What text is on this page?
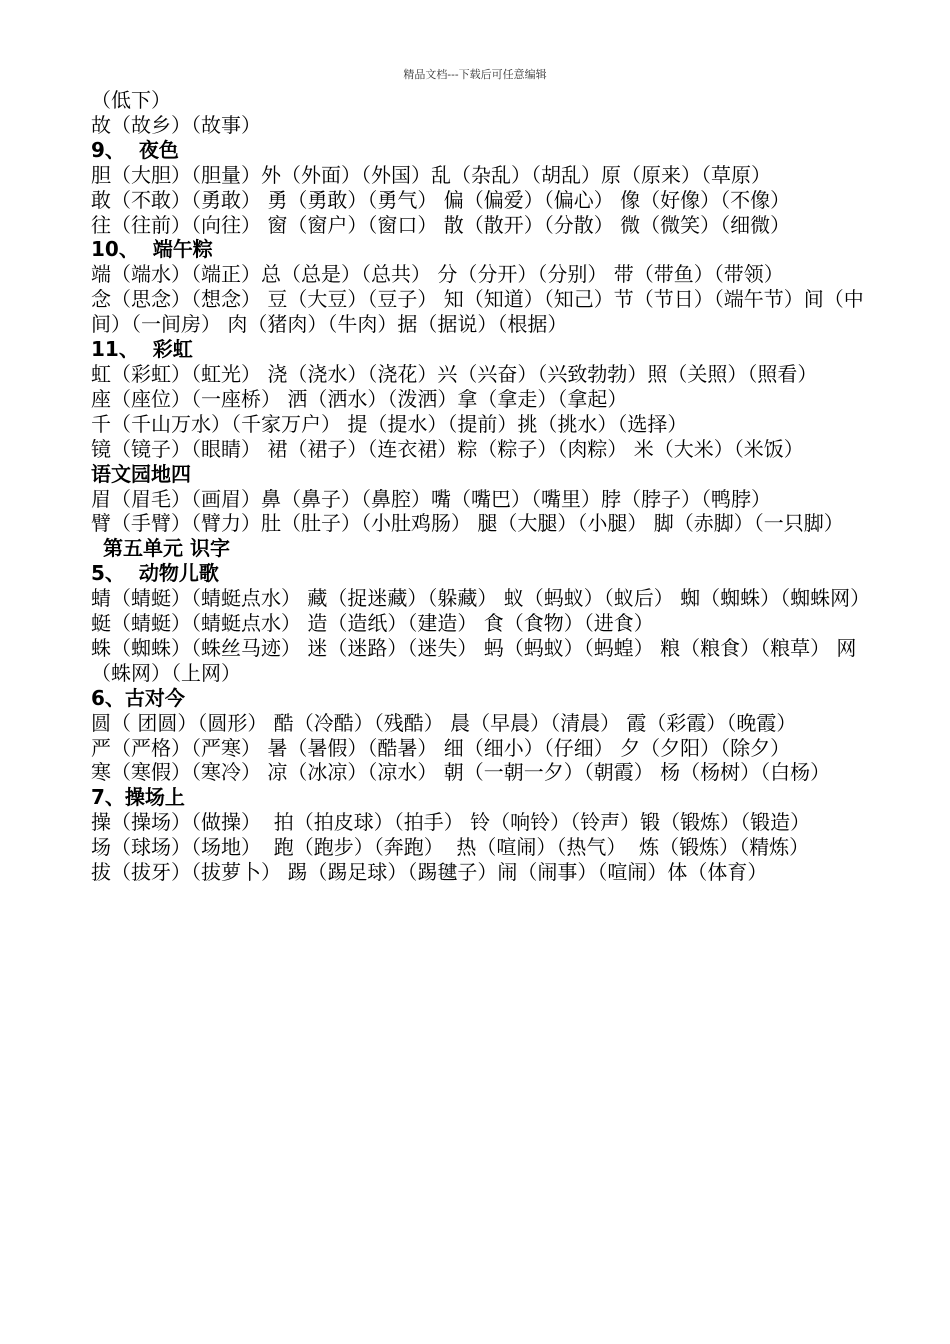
精品文档---下载后可任意编辑

（低下）

故（故乡）（故事）

9、  夜色

胆（大胆）（胆量）外（外面）（外国）乱（杂乱）（胡乱）原（原来）（草原）

敢（不敢）（勇敢） 勇（勇敢）（勇气） 偏（偏爱）（偏心） 像（好像）（不像）

往（往前）（向往） 窗（窗户）（窗口） 散（散开）（分散） 微（微笑）（细微）

10、  端午粽

端（端水）（端正）总（总是）（总共） 分（分开）（分别） 带（带鱼）（带领）

念（思念）（想念） 豆（大豆）（豆子） 知（知道）（知己）节（节日）（端午节）间（中间）（一间房） 肉（猪肉）（牛肉）据（据说）（根据）

11、  彩虹

虹（彩虹）（虹光） 浇（浇水）（浇花）兴（兴奋）（兴致勃勃）照（关照）（照看）

座（座位）（一座桥） 洒（洒水）（泼洒）拿（拿走）（拿起）

千（千山万水）（千家万户） 提（提水）（提前）挑（挑水）（选择）

镜（镜子）（眼睛） 裙（裙子）（连衣裙）粽（粽子）（肉粽） 米（大米）（米饭）

语文园地四

眉（眉毛）（画眉）鼻（鼻子）（鼻腔）嘴（嘴巴）（嘴里）脖（脖子）（鸭脖）

臂（手臂）（臂力）肚（肚子）（小肚鸡肠） 腿（大腿）（小腿） 脚（赤脚）（一只脚）

第五单元 识字

5、  动物儿歌

蜻（蜻蜓）（蜻蜓点水） 藏（捉迷藏）（躲藏） 蚁（蚂蚁）（蚁后） 蜘（蜘蛛）（蜘蛛网） 蜓（蜻蜓）（蜻蜓点水） 造（造纸）（建造） 食（食物）（进食）

蛛（蜘蛛）（蛛丝马迹） 迷（迷路）（迷失） 蚂（蚂蚁）（蚂蝗） 粮（粮食）（粮草） 网（蛛网）（上网）

6、古对今

圆（ 团圆）（圆形） 酷（冷酷）（残酷） 晨（早晨）（清晨） 霞（彩霞）（晚霞）

严（严格）（严寒） 暑（暑假）（酷暑） 细（细小）（仔细） 夕（夕阳）（除夕）

寒（寒假）（寒冷） 凉（冰凉）（凉水） 朝（一朝一夕）（朝霞） 杨（杨树）（白杨）

7、操场上

操（操场）（做操）  拍（拍皮球）（拍手） 铃（响铃）（铃声）锻（锻炼）（锻造）

场（球场）（场地）  跑（跑步）（奔跑）  热（喧闹）（热气）  炼（锻炼）（精炼）

拔（拔牙）（拔萝卜） 踢（踢足球）（踢毽子）闹（闹事）（喧闹）体（体育）
